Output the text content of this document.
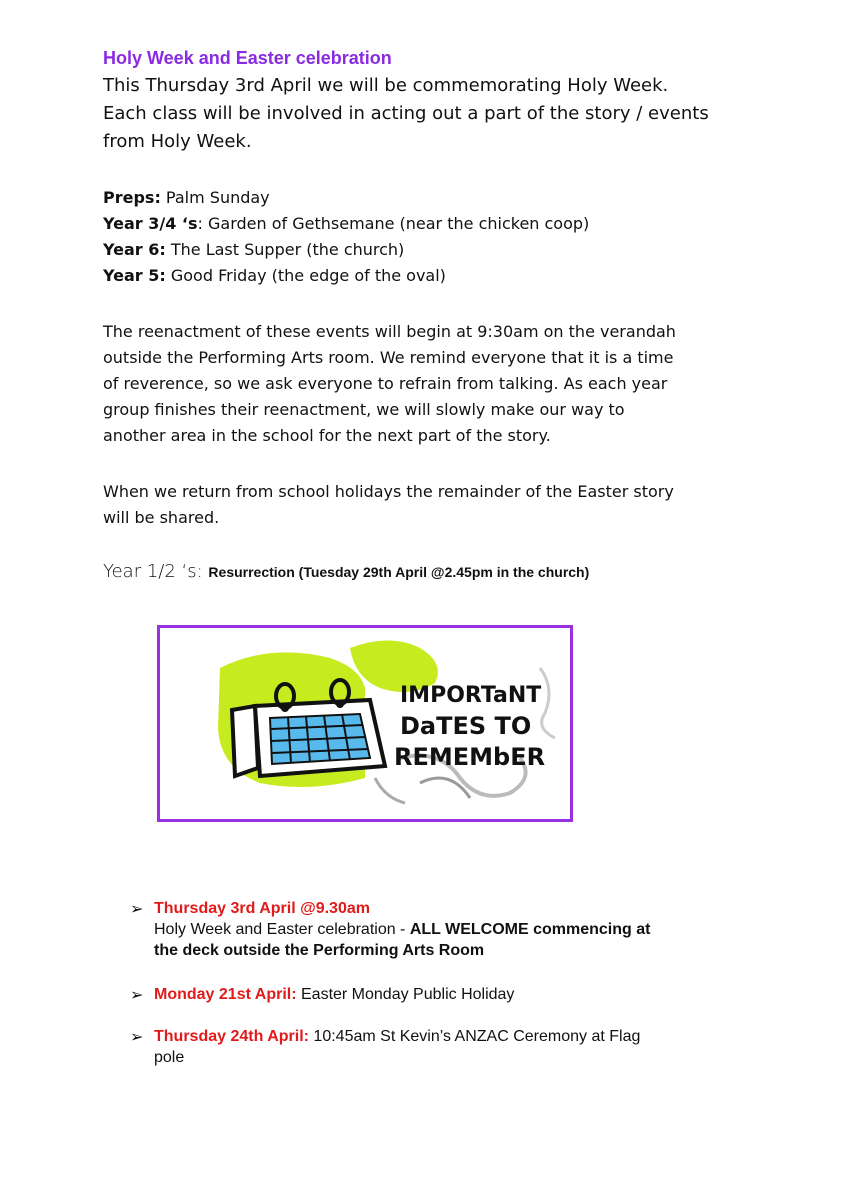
Holy Week and Easter celebration
This Thursday 3rd April we will be commemorating Holy Week.
Each class will be involved in acting out a part of the story / events
from Holy Week.
Preps: Palm Sunday
Year 3/4 ‘s: Garden of Gethsemane (near the chicken coop)
Year 6: The Last Supper (the church)
Year 5: Good Friday (the edge of the oval)
The reenactment of these events will begin at 9:30am on the verandah
outside the Performing Arts room. We remind everyone that it is a time
of reverence, so we ask everyone to refrain from talking. As each year
group finishes their reenactment, we will slowly make our way to
another area in the school for the next part of the story.
When we return from school holidays the remainder of the Easter story
will be shared.
Year 1/2 ‘s: Resurrection (Tuesday 29th April @2.45pm in the church)
IMPORTaNT
DaTES TO
REMEMbER
➢ Thursday 3rd April @9.30am
Holy Week and Easter celebration - ALL WELCOME commencing at
the deck outside the Performing Arts Room
➢ Monday 21st April: Easter Monday Public Holiday
➢ Thursday 24th April: 10:45am St Kevin’s ANZAC Ceremony at Flag
pole
